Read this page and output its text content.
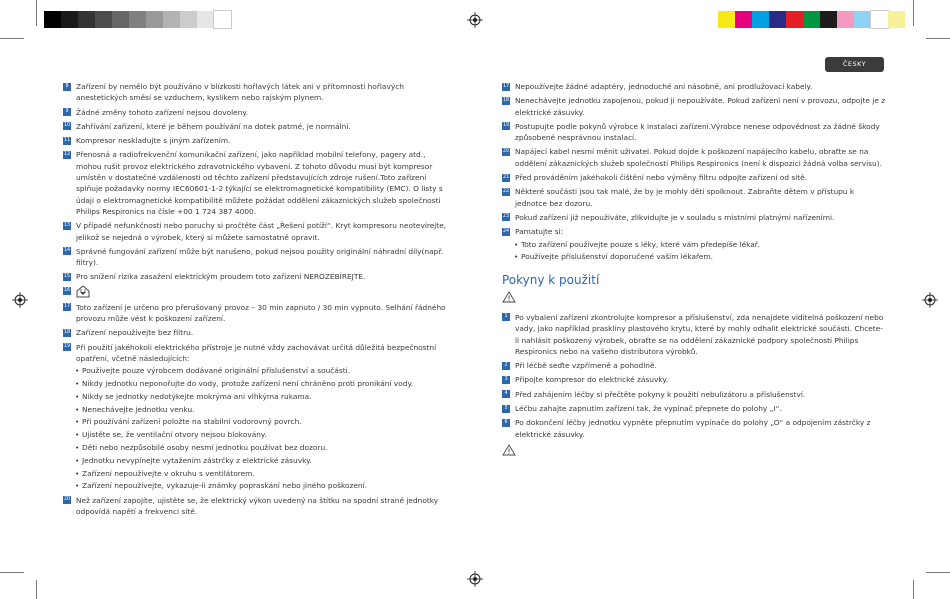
ČESKY
8	Zařízení by nemělo být používáno v blízkosti hořlavých látek ani v přítomnosti hořlavých anestetických směsí se vzduchem, kyslíkem nebo rajským plynem.
9	Žádné změny tohoto zařízení nejsou dovoleny.
10 Zahřívání zařízení, které je během používání na dotek patrné, je normální.
11 Kompresor neskladujte s jiným zařízením.
12 Přenosná a radiofrekvenční komunikační zařízení, jako například mobilní telefony, pagery atd., mohou rušit provoz elektrického zdravotnického vybavení. Z tohoto důvodu musí být kompresor umístěn v dostatečné vzdálenosti od těchto zařízení představujících zdroje rušení.Toto zařízení splňuje požadavky normy IEC60601-1-2 týkající se elektromagnetické kompatibility (EMC). O listy s údaji o elektromagnetické kompatibilitě můžete požádat oddělení zákaznických služeb společnosti Philips Respironics na čísle +00 1 724 387 4000.
13 V případě nefunkčnosti nebo poruchy si pročtěte část „Řešení potíží“. Kryt kompresoru neotevírejte, jelikož se nejedná o výrobek, který si můžete samostatně opravit.
14 Správné fungování zařízení může být narušeno, pokud nejsou použity originální náhradní díly(např. filtry).
15 Pro snížení rizika zasažení elektrickým proudem toto zařízení NEROZEBÍREJTE.
16
17 Toto zařízení je určeno pro přerušovaný provoz – 30 min zapnuto / 30 min vypnuto. Selhání řádného provozu může vést k poškození zařízení.
18 Zařízení nepoužívejte bez filtru.
19 Při použití jakéhokoli elektrického přístroje je nutné vždy zachovávat určitá důležitá bezpečnostní opatření, včetně následujících:
• Používejte pouze výrobcem dodávané originální příslušenství a součásti.
• Nikdy jednotku neponořujte do vody, protože zařízení není chráněno proti pronikání vody.
• Nikdy se jednotky nedotýkejte mokrýma ani vlhkýma rukama.
• Nenechávejte jednotku venku.
• Při používání zařízení položte na stabilní vodorovný povrch.
• Ujistěte se, že ventilační otvory nejsou blokovány.
• Děti nebo nezpůsobilé osoby nesmí jednotku používat bez dozoru.
• Jednotku nevypínejte vytažením zástrčky z elektrické zásuvky.
• Zařízení nepoužívejte v okruhu s ventilátorem.
• Zařízení nepoužívejte, vykazuje-li známky popraskání nebo jiného poškození.
20 Než zařízení zapojíte, ujistěte se, že elektrický výkon uvedený na štítku na spodní straně jednotky odpovídá napětí a frekvenci sítě.
17 Nepoužívejte žádné adaptéry, jednoduché ani násobné, ani prodlužovací kabely.
18 Nenechávejte jednotku zapojenou, pokud ji nepoužíváte. Pokud zařízení není v provozu, odpojte je z elektrické zásuvky.
19 Postupujte podle pokynů výrobce k instalaci zařízení.Výrobce nenese odpovědnost za žádné škody způsobené nesprávnou instalací.
20 Napájecí kabel nesmí měnit uživatel. Pokud dojde k poškození napájecího kabelu, obraťte se na oddělení zákaznických služeb společnosti Philips Respironics (není k dispozici žádná volba servisu).
21 Před prováděním jakéhokoli čištění nebo výměny filtru odpojte zařízení od sítě.
22 Některé součásti jsou tak malé, že by je mohly děti spolknout. Zabraňte dětem v přístupu k jednotce bez dozoru.
23 Pokud zařízení již nepoužíváte, zlikvidujte je v souladu s místními platnými nařízeními.
24 Pamatujte si:
• Toto zařízení používejte pouze s léky, které vám předepíše lékař.
• Používejte příslušenství doporučené vaším lékařem.
Pokyny k použití
1	Po vybalení zařízení zkontrolujte kompresor a příslušenství, zda nenajdete viditelná poškození nebo vady, jako například praskliny plastového krytu, které by mohly odhalit elektrické součásti. Chcete-li nahlásit poškozený výrobek, obraťte se na oddělení zákaznické podpory společnosti Philips Respironics nebo na vašeho distributora výrobků.
2	Při léčbě seďte vzpřímeně a pohodlně.
3	Připojte kompresor do elektrické zásuvky.
4	Před zahájením léčby si přečtěte pokyny k použití nebulizátoru a příslušenství.
5	Léčbu zahajte zapnutím zařízení tak, že vypínač přepnete do polohy „I“.
6	Po dokončení léčby jednotku vypněte přepnutím vypínače do polohy „O“ a odpojením zástrčky z elektrické zásuvky.
